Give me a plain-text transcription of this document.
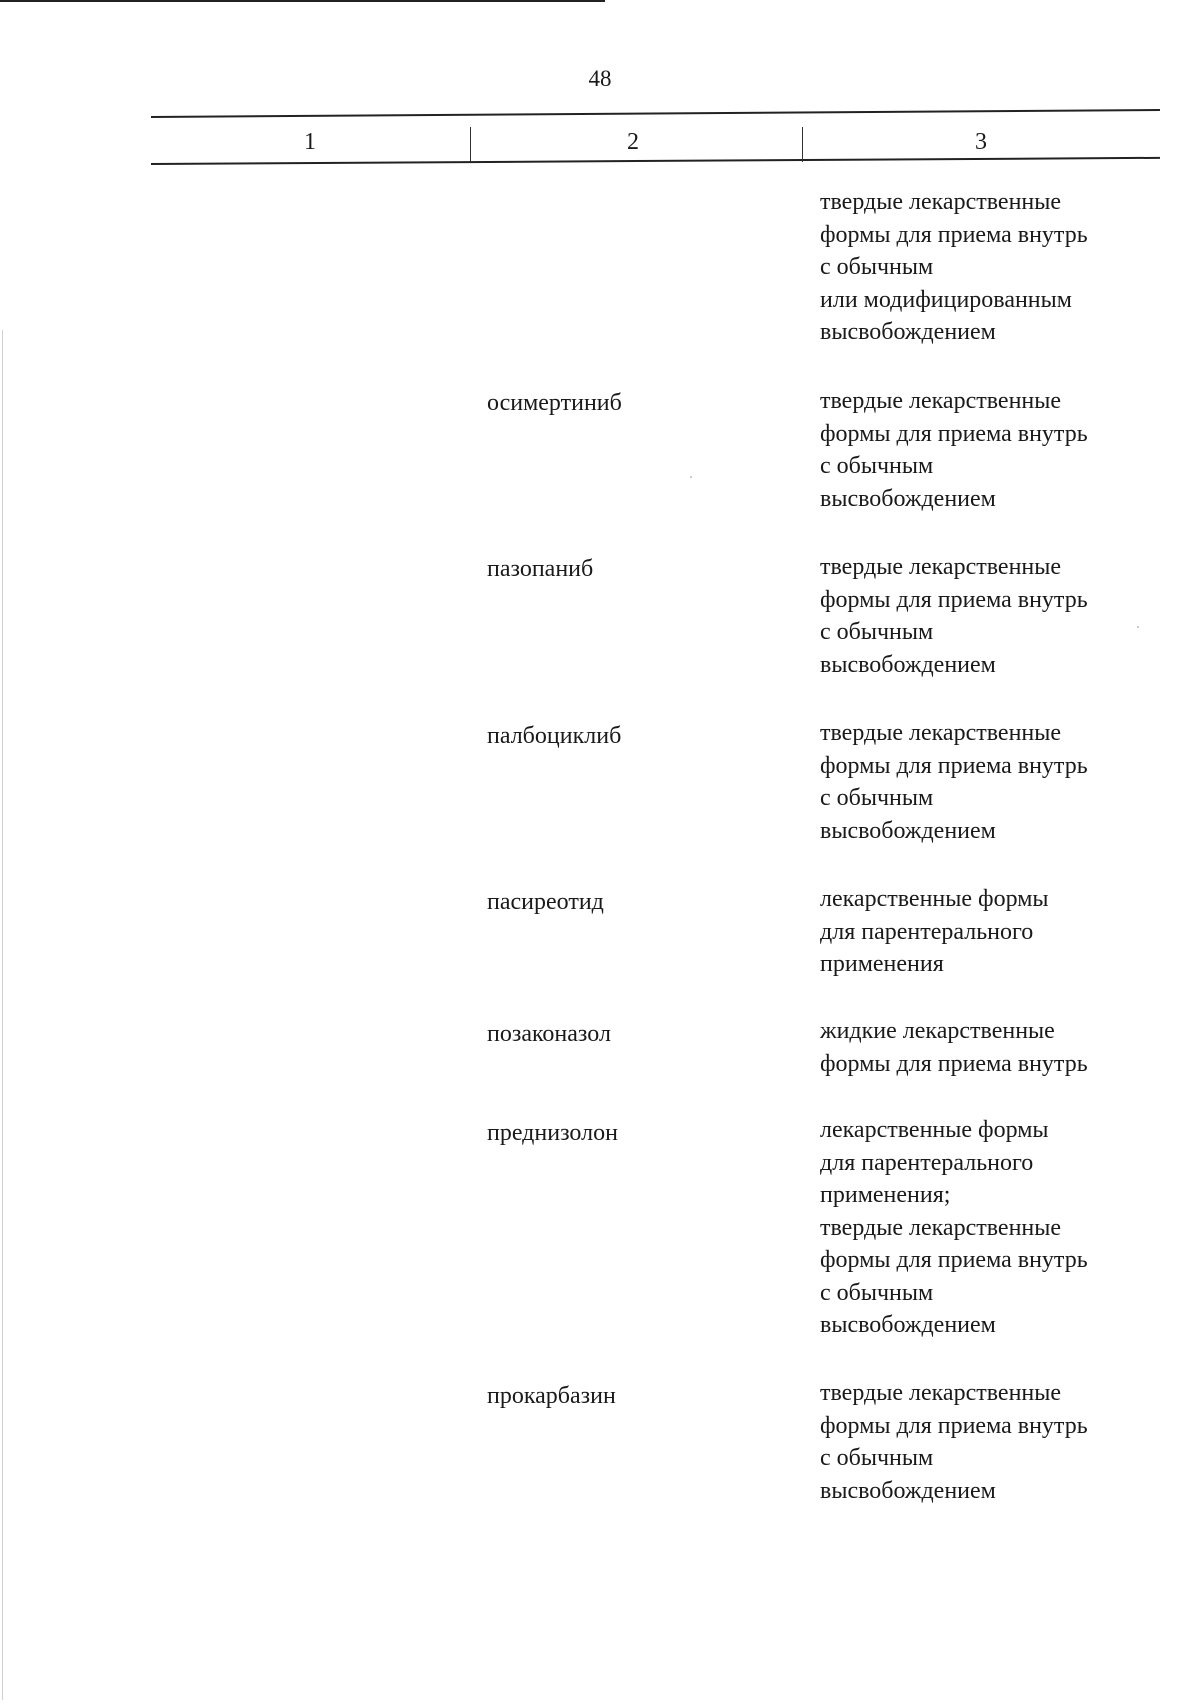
48
1	2	3
твердые лекарственные
формы для приема внутрь
с обычным
или модифицированным
высвобождением
осимертиниб	твердые лекарственные
формы для приема внутрь
с обычным
высвобождением
пазопаниб	твердые лекарственные
формы для приема внутрь
с обычным
высвобождением
палбоциклиб	твердые лекарственные
формы для приема внутрь
с обычным
высвобождением
пасиреотид	лекарственные формы
для парентерального
применения
позаконазол	жидкие лекарственные
формы для приема внутрь
преднизолон	лекарственные формы
для парентерального
применения;
твердые лекарственные
формы для приема внутрь
с обычным
высвобождением
прокарбазин	твердые лекарственные
формы для приема внутрь
с обычным
высвобождением
